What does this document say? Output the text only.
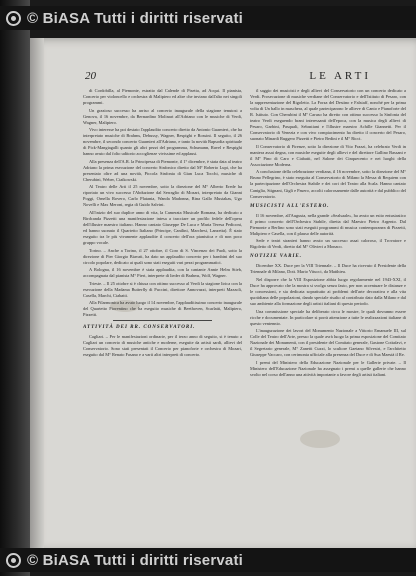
© BiASA Tutti i diritti riservati
20	LE ARTI

di Cordobilla, al Piemonte, estratto dal Calende di Pisetta, ad Acqui. Il pianista, Concerto per violoncello e orchestra di Malipiero ed altre che inviano dall'alto nei singoli programmi.

Un grazioso successo ha arriso al concerto inaugurale della stagione tenutosi a Genova, il 16 novembre, da Bernardino Molinari all'Adriano con le musiche di Verdi, Wagner, Malipiero.

Vivo interesse ha poi destato l'applaudito concerto diretto da Antonio Guarnieri, che ha interpretato musiche di Brahms, Debussy, Wagner, Respighi e Rossini. Il seguito, il 26 novembre, il secondo concerto Guarnieri all'Adriano, e tanto la novità Rapsodia spirituale di Pick-Mangiagalli quanto gli altri pezzi del programma, Schumann, Ravel e Respighi hanno avuto dal folto uditorio accoglienze vivissime ed applausi.

Alla presenza dell'A.R. la Principessa di Piemonte, il 1° dicembre, è stata data al teatro Adriano la prima esecuzione del concerto Sinfonico diretto dal M° Roberto Lupi, che ha presentato oltre ad una novità, Piccola Sinfonia di Gian Luca Tocchi, musiche di Cherubini, Weber, Ciaikowski.

Al Teatro delle Arti il 25 novembre, sotto la direzione del M° Alberto Erede ha riportato un vivo successo l'Abduzione dal Serraglio di Mozart, interpretato da Gianni Poggi, Ornella Rovero, Carlo Platania, Wanda Madonna, Rina Gallo Mustakas, Ugo Novelli e Max Meroni, regia di Guido Salvini.

All'inizio del suo duplice anno di vita, la Camerata Musicale Romana, ha dedicato a Birdcanda Pizzetti una manifestazione intesa a tracciare un profilo fedele dell'opera dell'illustre maestro italiano. Hanno cantato Giuseppe De Luca e Maria Teresa Pediconi, ed hanno suonato il Quartetto Italiano (Principe, Canilini, Marchesi, Lanzetta). È stato eseguito tra le più vivamente applaudite il concerto dell'ora pianistica e di non poco gruppo vocale.

Torino. – Anche a Torino, il 27 ottobre, il Coro di S. Vincenzo dei Paoli, sotto la direzione di Pier Giorgio Biavati, ha dato un applaudito concerto per i bambini del suo circolo popolare, dedicato ai quali sono stati eseguiti vari pezzi programmatici.

A Bologna, il 16 novembre è stata applaudita, con la cantante Annie Helm Stieb, accompagnata dal pianista M° Pieri, interprete di lieder di Brahms, Wolf, Wagner.

Trieste. – Il 25 ottobre si è chiusa con ottimo successo al Verdi la stagione lirica con la esecuzione della Madama Butterfly di Puccini, direttore Annovazzi, interpreti Mazzoli, Casella, Marchi, Ciabatti.

Alla Filarmonica ha avuto luogo il 14 novembre, l'applauditissimo concerto inaugurale del Quartetto Fiorentino che ha eseguito musiche di Beethoven, Scarlatti, Malipiero, Pizzetti.

ATTIVITÀ DEI RR. CONSERVATORI.

Cagliari. – Per le manifestazioni ordinarie, per il terzo anno di seguito, si è tenuto a Cagliari un concerto di musiche antiche e moderne, eseguite da artisti sardi, allievi del Conservatorio. Sono stati presentati il Concerto per pianoforte e orchestra di Mozart, eseguito dal M° Renato Fasano e a varii altri interpreti di concerto.

il saggio dei musicisti e degli allievi del Conservatorio con un concerto dedicato a Verdi. Prosecuzione di musiche verdiane del Conservatorio e dell'Istituto di Pesaro, con la rappresentazione del Rigoletto. La Forza del Destino e Falstaff, nonché per la prima volta di Un ballo in maschera, al quale parteciparono le allieve di Canto e Pianoforte del R. Istituto. Con Cherubini il Mº Caruso ha diretto con ottimo successo la Sinfonia del teatro Verdi eseguendo brani interessanti dell'epoca, con la musica degli allievi di Pesaro, Garbini, Pasquali, Sebastiani e l'illustre maestro Achille Giannetti. Per il Conservatorio di Venezia e con vivo compiacimento ha diretto il concerto del Pesaro, suonato Minardi Ruggero Pizzetti e Pietro Bedini e il M° Ricci.

Il Conservatorio di Firenze, sotto la direzione di Vito Frazzi, ha celebrato Verdi in maniera assai degna, con musiche eseguite degli allievi e del direttore Gallino Bassani e il Mº Pino di Caro e Ciabatti, nel Salone dei Cinquecento e nei luoghi della Associazione Moderna.

A conclusione della celebrazione verdiana, il 16 novembre, sotto la direzione del M° Bruno Pellegrino, è stato eseguita al Conservatorio di Milano la Messa di Requiem con la partecipazione dell'Orchestra Stabile e dei cori del Teatro alla Scala. Hanno cantato Caniglia, Stignani, Gigli e Pasero, accolti calorosamente dalle autorità e dal pubblico del Conservatorio.

MUSICISTI ALL'ESTERO.

Il 16 novembre, all'Augusta, nella grande «Sealsaale», ha avuto un esito entusiastico il primo concerto dell'Orchestra Stabile, diretta dal Maestro Pietro Argento. Dal Piemonte a Berlino sono stati eseguiti programmi di musica contemporanea di Pizzetti, Malipiero e Casella, con il plauso delle autorità.

Sede e teatri stranieri hanno avuto un successo assai caloroso, il Trovatore e Rigoletto di Verdi, diretto dal M° Olivieri a Monaco.

NOTIZIE VARIE.

Dicembre XX. Duce per la VIII Triennale. – Il Duce ha ricevuto il Presidente della Triennale di Milano, Dott. Mario Vitucci, da Matthieu.

Nel disporre che la VIII Esposizione abbia luogo regolarmente nel 1943-XXI, il Duce ha approvato che la mostra si svolga senza fasto, per non accentuare le distanze e le concessioni, e sia dedicata soprattutto ai problemi dell'arte decorativa e alla vita quotidiana delle popolazioni, dando speciale risalto al contributo dato dalla Milano e dal suo ambiente alla formazione degli artisti italiani di questo periodo.

Una commissione speciale ha deliberato circa le mostre, le quali dovranno essere ricche e documentate. In particolare si porrà attenzione a tutte le realizzazioni italiane di questo ventennio.

L'inaugurazione dei lavori del Monumento Nazionale a Vittorio Emanuele III, sul Colle del Teatro dell'Arte, presso la quale avrà luogo la prima esposizione del Comitato Nazionale dei Monumenti, con il presidente del Comitato generale, Gastone Cottafavi, e il Segretario generale, M° Zanetti Cuzzi, lo scultore Gaetano Silvestri, e l'architetto Giuseppe Vaccaro, con cerimonia ufficiale alla presenza del Duce e di Sua Maestà il Re.

I premi del Ministero della Educazione Nazionale per le Gallerie private. – Il Ministero dell'Educazione Nazionale ha assegnato i premi a quelle gallerie che hanno svolto nel corso dell'anno una attività importante a favore degli artisti italiani.

© BiASA Tutti i diritti riservati
